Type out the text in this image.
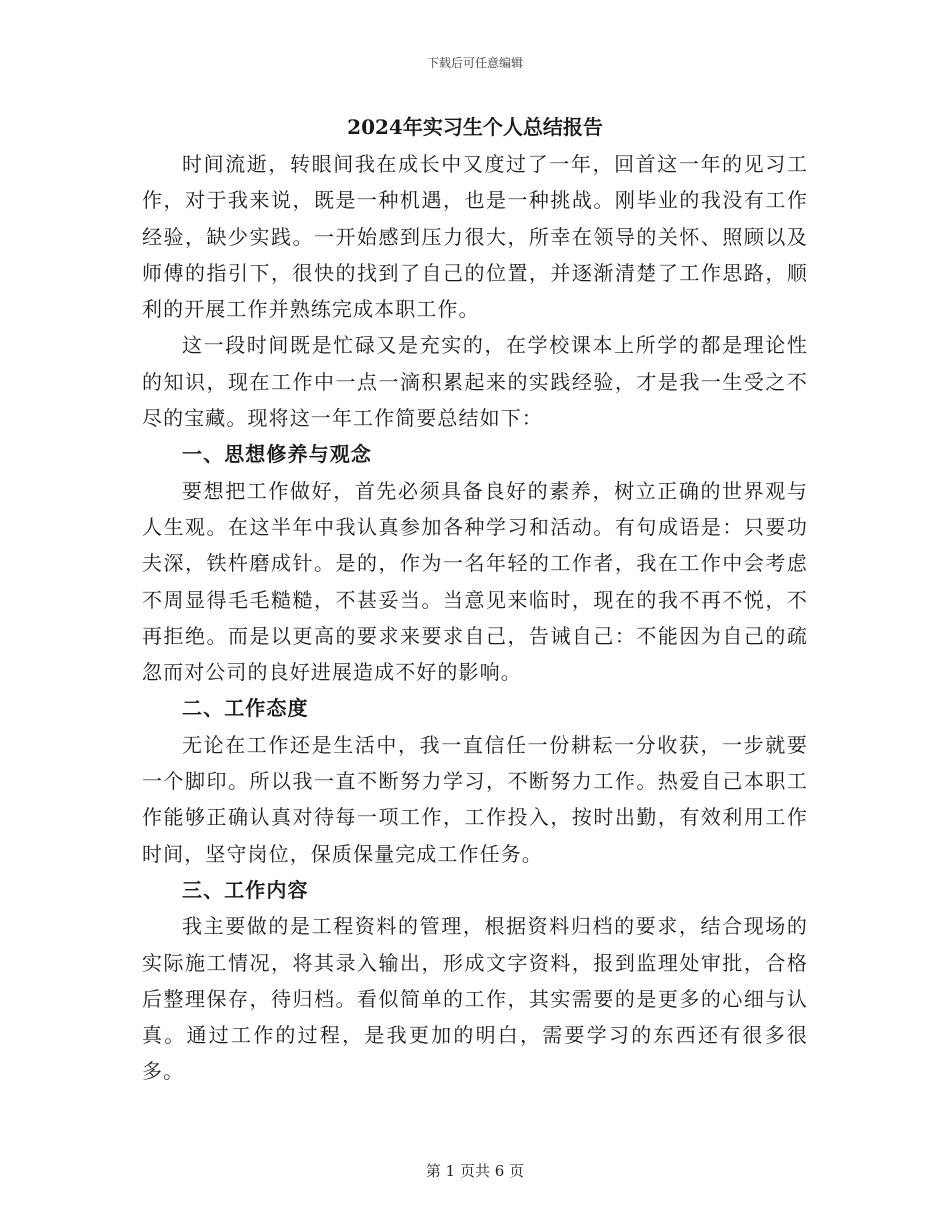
下载后可任意编辑
2024年实习生个人总结报告

时间流逝，转眼间我在成长中又度过了一年，回首这一年的见习工作，对于我来说，既是一种机遇，也是一种挑战。刚毕业的我没有工作经验，缺少实践。一开始感到压力很大，所幸在领导的关怀、照顾以及师傅的指引下，很快的找到了自己的位置，并逐渐清楚了工作思路，顺利的开展工作并熟练完成本职工作。

这一段时间既是忙碌又是充实的，在学校课本上所学的都是理论性的知识，现在工作中一点一滴积累起来的实践经验，才是我一生受之不尽的宝藏。现将这一年工作简要总结如下：

一、思想修养与观念

要想把工作做好，首先必须具备良好的素养，树立正确的世界观与人生观。在这半年中我认真参加各种学习和活动。有句成语是：只要功夫深，铁杵磨成针。是的，作为一名年轻的工作者，我在工作中会考虑不周显得毛毛糙糙，不甚妥当。当意见来临时，现在的我不再不悦，不再拒绝。而是以更高的要求来要求自己，告诫自己：不能因为自己的疏忽而对公司的良好进展造成不好的影响。

二、工作态度

无论在工作还是生活中，我一直信任一份耕耘一分收获，一步就要一个脚印。所以我一直不断努力学习，不断努力工作。热爱自己本职工作能够正确认真对待每一项工作，工作投入，按时出勤，有效利用工作时间，坚守岗位，保质保量完成工作任务。

三、工作内容

我主要做的是工程资料的管理，根据资料归档的要求，结合现场的实际施工情况，将其录入输出，形成文字资料，报到监理处审批，合格后整理保存，待归档。看似简单的工作，其实需要的是更多的心细与认真。通过工作的过程，是我更加的明白，需要学习的东西还有很多很多。

第 1 页共 6 页
